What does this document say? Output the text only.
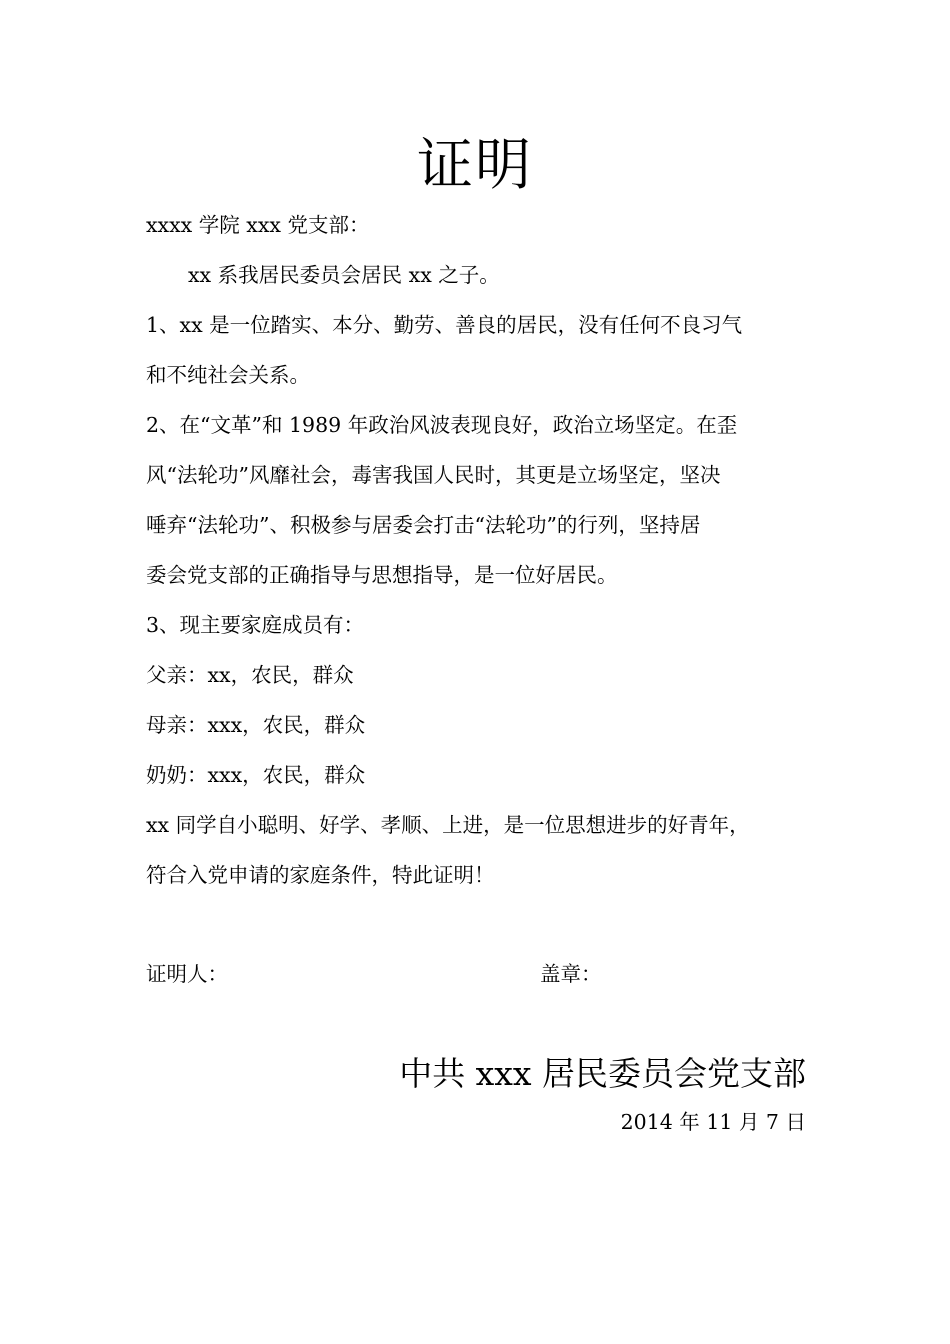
证明
xxxx 学院 xxx 党支部：
xx 系我居民委员会居民 xx 之子。
1、xx 是一位踏实、本分、勤劳、善良的居民，没有任何不良习气
和不纯社会关系。
2、在“文革”和 1989 年政治风波表现良好，政治立场坚定。在歪
风“法轮功”风靡社会，毒害我国人民时，其更是立场坚定，坚决
唾弃“法轮功”、积极参与居委会打击“法轮功”的行列，坚持居
委会党支部的正确指导与思想指导，是一位好居民。
3、现主要家庭成员有：
父亲：xx，农民，群众
母亲：xxx，农民，群众
奶奶：xxx，农民，群众
xx 同学自小聪明、好学、孝顺、上进，是一位思想进步的好青年，
符合入党申请的家庭条件，特此证明！
证明人：	盖章：
中共 xxx 居民委员会党支部
2014 年 11 月 7 日
